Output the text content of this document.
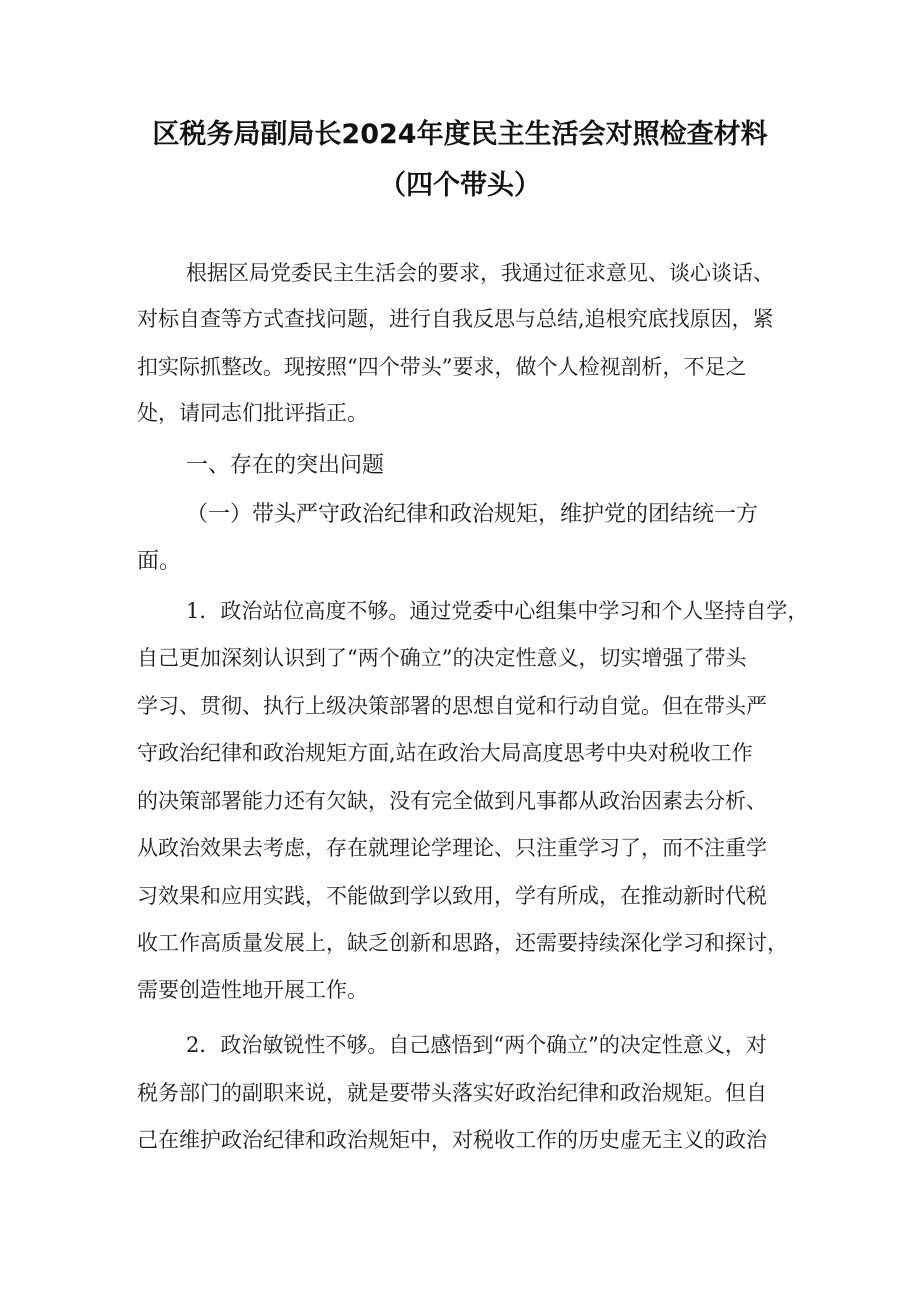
区税务局副局长2024年度民主生活会对照检查材料
（四个带头）
根据区局党委民主生活会的要求，我通过征求意见、谈心谈话、
对标自查等方式查找问题，进行自我反思与总结,追根究底找原因，紧
扣实际抓整改。现按照“四个带头”要求，做个人检视剖析，不足之
处，请同志们批评指正。
一、存在的突出问题
（一）带头严守政治纪律和政治规矩，维护党的团结统一方
面。
1．政治站位高度不够。通过党委中心组集中学习和个人坚持自学，
自己更加深刻认识到了“两个确立”的决定性意义，切实增强了带头
学习、贯彻、执行上级决策部署的思想自觉和行动自觉。但在带头严
守政治纪律和政治规矩方面,站在政治大局高度思考中央对税收工作
的决策部署能力还有欠缺，没有完全做到凡事都从政治因素去分析、
从政治效果去考虑，存在就理论学理论、只注重学习了，而不注重学
习效果和应用实践，不能做到学以致用，学有所成，在推动新时代税
收工作高质量发展上，缺乏创新和思路，还需要持续深化学习和探讨，
需要创造性地开展工作。
2．政治敏锐性不够。自己感悟到“两个确立”的决定性意义，对
税务部门的副职来说，就是要带头落实好政治纪律和政治规矩。但自
己在维护政治纪律和政治规矩中，对税收工作的历史虚无主义的政治
